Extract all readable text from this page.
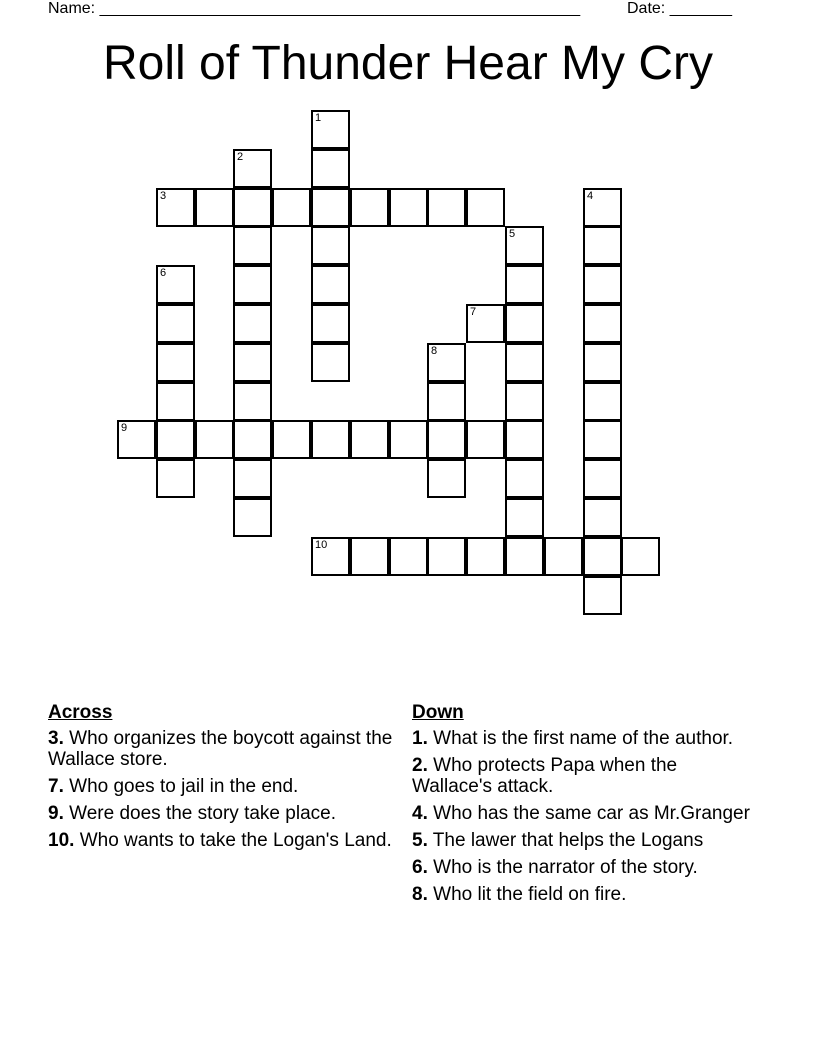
Name: ______________________________________________________	Date: _______
Roll of Thunder Hear My Cry
1
2
3	4
5
6
7
8
9
10
Across
3. Who organizes the boycott against the Wallace store.
7. Who goes to jail in the end.
9. Were does the story take place.
10. Who wants to take the Logan's Land.
Down
1. What is the first name of the author.
2. Who protects Papa when the Wallace's attack.
4. Who has the same car as Mr.Granger
5. The lawer that helps the Logans
6. Who is the narrator of the story.
8. Who lit the field on fire.
